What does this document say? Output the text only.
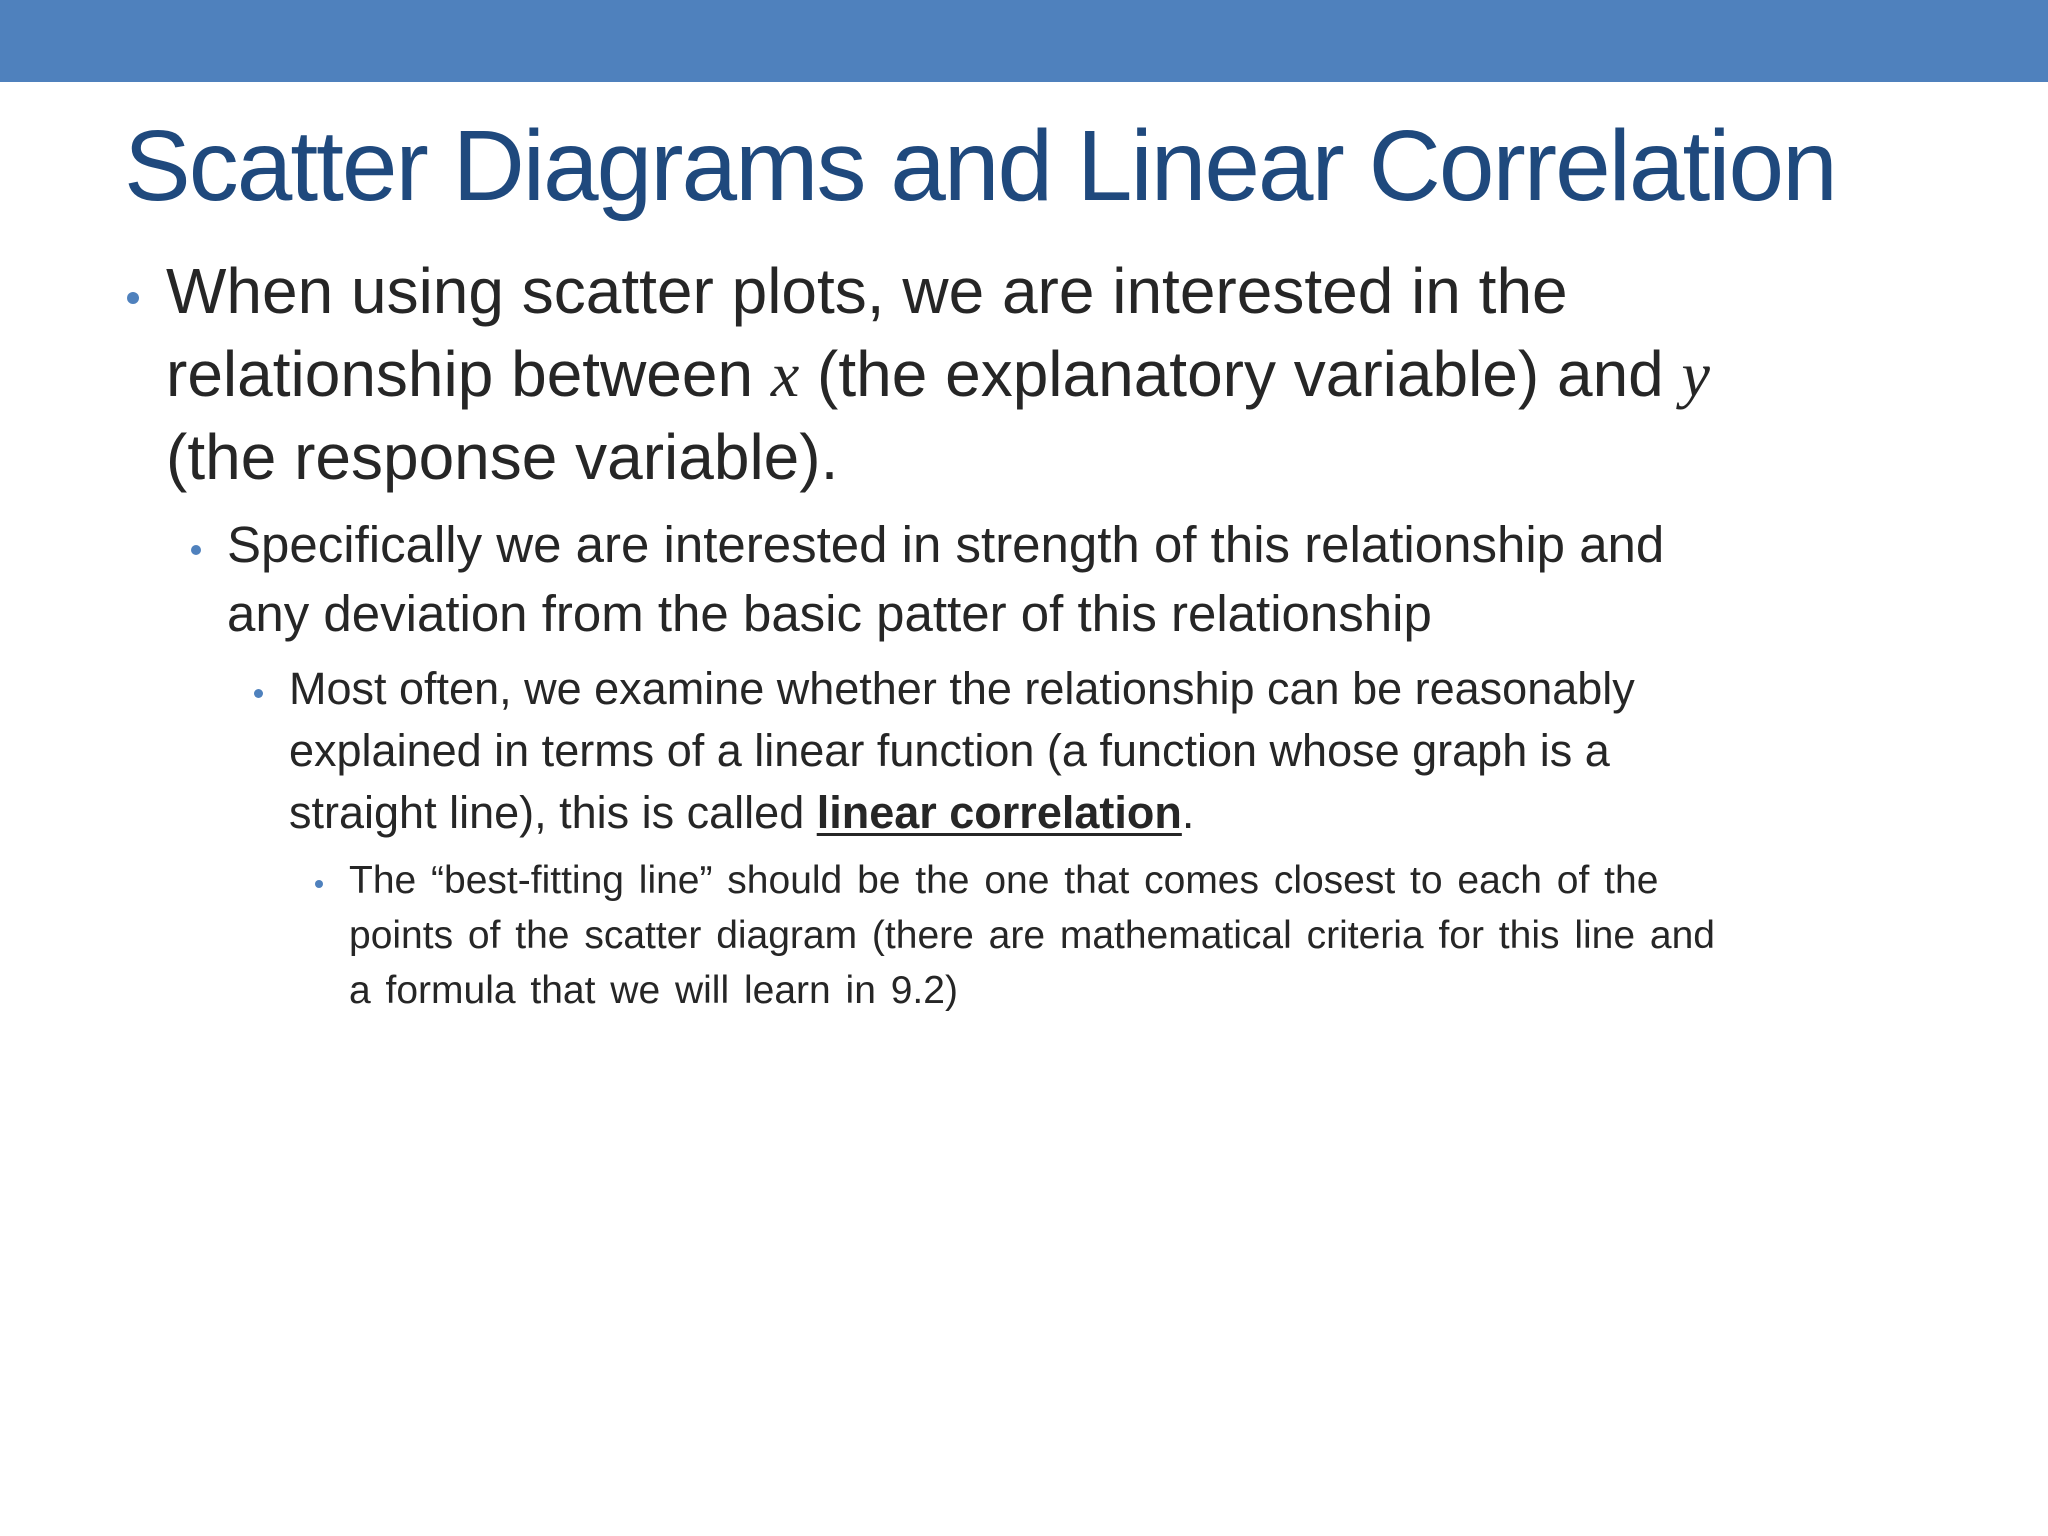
Scatter Diagrams and Linear Correlation

When using scatter plots, we are interested in the

relationship between x (the explanatory variable) and y

(the response variable).

Specifically we are interested in strength of this relationship and

any deviation from the basic patter of this relationship

Most often, we examine whether the relationship can be reasonably

explained in terms of a linear function (a function whose graph is a

straight line), this is called linear correlation.

The “best-fitting line” should be the one that comes closest to each of the

points of the scatter diagram (there are mathematical criteria for this line and

a formula that we will learn in 9.2)
